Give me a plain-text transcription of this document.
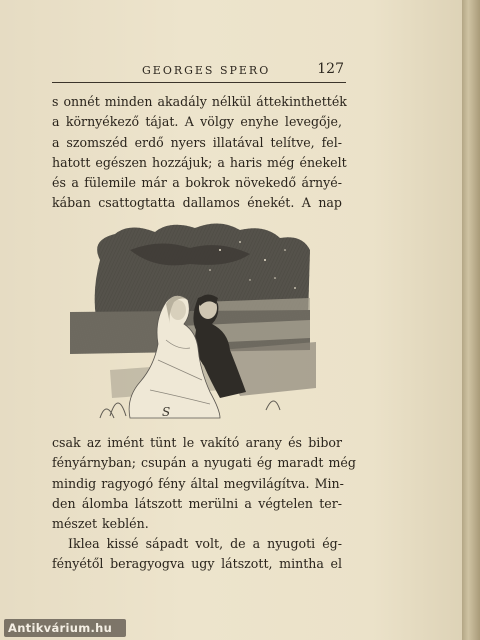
GEORGES SPERO	127

s onnét minden akadály nélkül áttekinthették
a környékező tájat. A völgy enyhe levegője,
a szomszéd erdő nyers illatával telítve, fel-
hatott egészen hozzájuk; a haris még énekelt
és a fülemile már a bokrok növekedő árnyé-
kában csattogtatta dallamos énekét. A nap

S

csak az imént tünt le vakító arany és bibor
fényárnyban; csupán a nyugati ég maradt még
mindig ragyogó fény által megvilágítva. Min-
den álomba látszott merülni a végtelen ter-
mészet keblén.

Iklea kissé sápadt volt, de a nyugoti ég-
fényétől beragyogva ugy látszott, mintha el

Antikvárium.hu
